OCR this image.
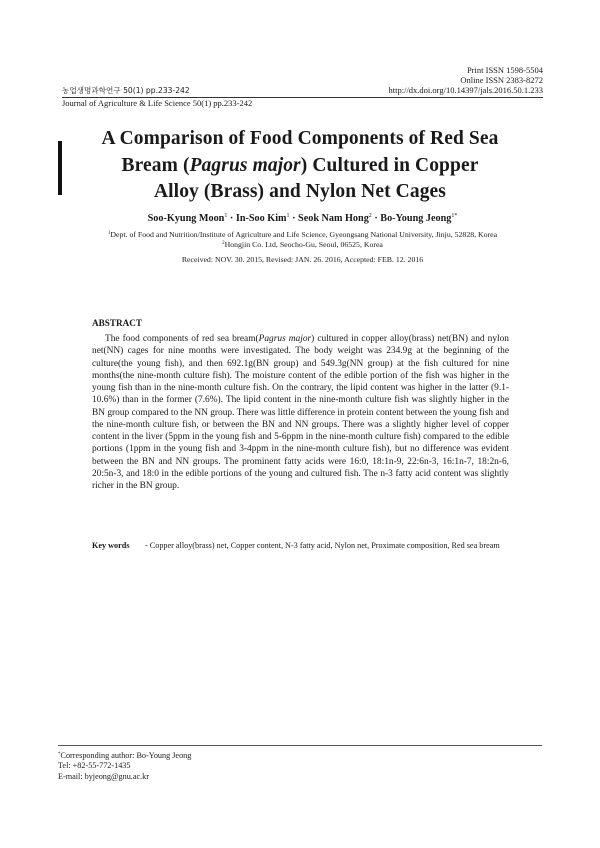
Print ISSN 1598-5504
Online ISSN 2383-8272
농업생명과학연구 50(1) pp.233-242	http://dx.doi.org/10.14397/jals.2016.50.1.233
Journal of Agriculture & Life Science 50(1) pp.233-242
A Comparison of Food Components of Red Sea
Bream (Pagrus major) Cultured in Copper
Alloy (Brass) and Nylon Net Cages
Soo-Kyung Moon$^1$ · In-Soo Kim$^1$ · Seok Nam Hong$^2$ · Bo-Young Jeong$^{1*}$
$^1$Dept. of Food and Nutrition/Institute of Agriculture and Life Science, Gyeongsang National University, Jinju, 52828, Korea
$^2$Hongjin Co. Ltd, Seocho-Gu, Seoul, 06525, Korea
Received: NOV. 30. 2015, Revised: JAN. 26. 2016, Accepted: FEB. 12. 2016
ABSTRACT
The food components of red sea bream(Pagrus major) cultured in copper alloy(brass) net(BN) and nylon net(NN) cages for nine months were investigated. The body weight was 234.9g at the beginning of the culture(the young fish), and then 692.1g(BN group) and 549.3g(NN group) at the fish cultured for nine months(the nine-month culture fish). The moisture content of the edible portion of the fish was higher in the young fish than in the nine-month culture fish. On the contrary, the lipid content was higher in the latter (9.1-10.6%) than in the former (7.6%). The lipid content in the nine-month culture fish was slightly higher in the BN group compared to the NN group. There was little difference in protein content between the young fish and the nine-month culture fish, or between the BN and NN groups. There was a slightly higher level of copper content in the liver (5ppm in the young fish and 5-6ppm in the nine-month culture fish) compared to the edible portions (1ppm in the young fish and 3-4ppm in the nine-month culture fish), but no difference was evident between the BN and NN groups. The prominent fatty acids were 16:0, 18:1n-9, 22:6n-3, 16:1n-7, 18:2n-6, 20:5n-3, and 18:0 in the edible portions of the young and cultured fish. The n-3 fatty acid content was slightly richer in the BN group.
Key words - Copper alloy(brass) net, Copper content, N-3 fatty acid, Nylon net, Proximate composition, Red sea bream
*Corresponding author: Bo-Young Jeong
Tel: +82-55-772-1435
E-mail: byjeong@gnu.ac.kr
